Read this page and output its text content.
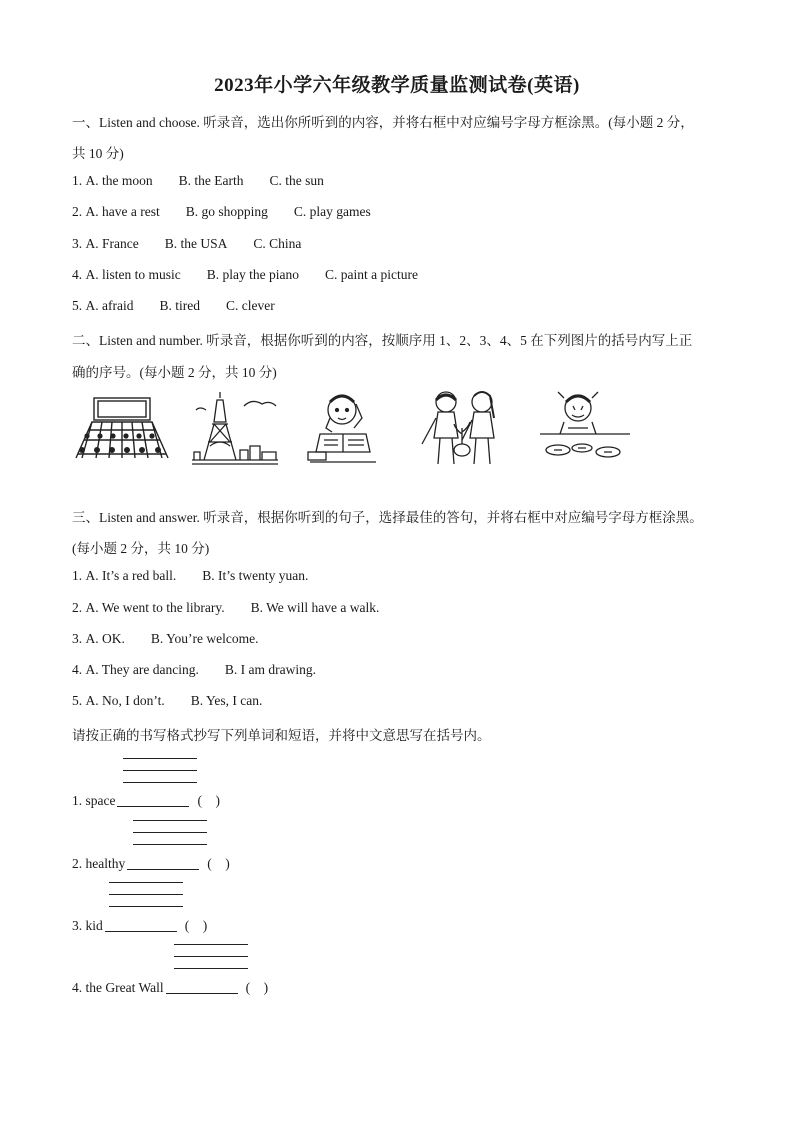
2023年小学六年级教学质量监测试卷(英语)
一、Listen and choose. 听录音，选出你所听到的内容，并将右框中对应编号字母方框涂黑。(每小题 2 分，
共 10 分)
1. A. the moon B. the Earth C. the sun
2. A. have a rest B. go shopping C. play games
3. A. France B. the USA C. China
4. A. listen to music B. play the piano C. paint a picture
5. A. afraid B. tired C. clever
二、Listen and number. 听录音，根据你听到的内容，按顺序用 1、2、3、4、5 在下列图片的括号内写上正
确的序号。(每小题 2 分，共 10 分)
三、Listen and answer. 听录音，根据你听到的句子，选择最佳的答句，并将右框中对应编号字母方框涂黑。
(每小题 2 分，共 10 分)
1. A. It’s a red ball. B. It’s twenty yuan.
2. A. We went to the library. B. We will have a walk.
3. A. OK. B. You’re welcome.
4. A. They are dancing. B. I am drawing.
5. A. No, I don’t. B. Yes, I can.
请按正确的书写格式抄写下列单词和短语，并将中文意思写在括号内。
1. space	(　)
2. healthy	(　)
3. kid	(　)
4. the Great Wall	(　)
